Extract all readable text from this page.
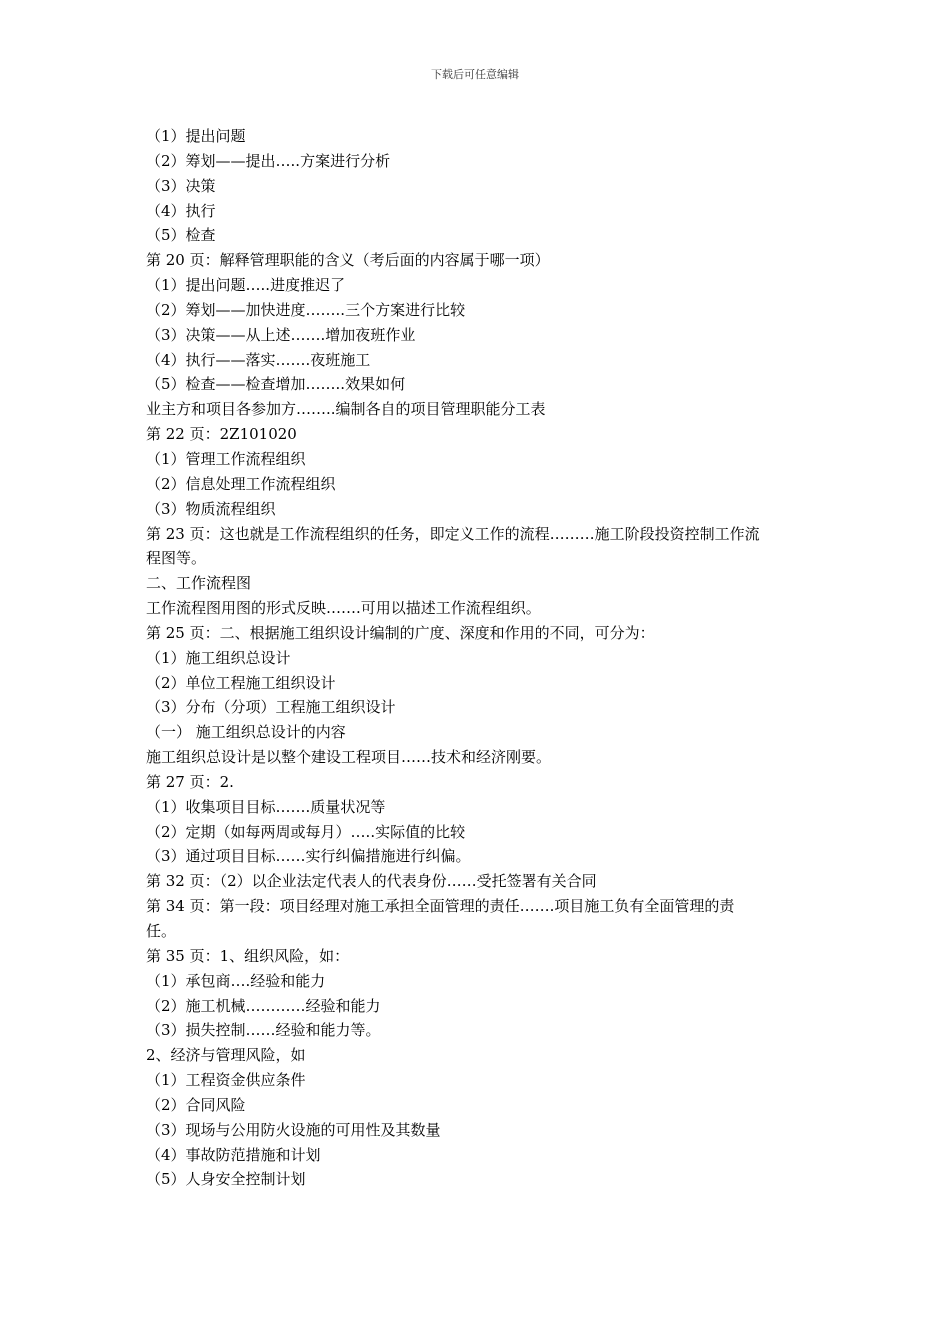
下载后可任意编辑
（1）提出问题
（2）筹划——提出…..方案进行分析
（3）决策
（4）执行
（5）检查
第 20 页：解释管理职能的含义（考后面的内容属于哪一项）
（1）提出问题…..进度推迟了
（2）筹划——加快进度……..三个方案进行比较
（3）决策——从上述…….增加夜班作业
（4）执行——落实…….夜班施工
（5）检查——检查增加……..效果如何
业主方和项目各参加方……..编制各自的项目管理职能分工表
第 22 页：2Z101020
（1）管理工作流程组织
（2）信息处理工作流程组织
（3）物质流程组织
第 23 页：这也就是工作流程组织的任务，即定义工作的流程………施工阶段投资控制工作流
程图等。
二、工作流程图
工作流程图用图的形式反映…….可用以描述工作流程组织。
第 25 页：二、根据施工组织设计编制的广度、深度和作用的不同，可分为：
（1）施工组织总设计
（2）单位工程施工组织设计
（3）分布（分项）工程施工组织设计
（一） 施工组织总设计的内容
施工组织总设计是以整个建设工程项目……技术和经济刚要。
第 27 页：2.
（1）收集项目目标…….质量状况等
（2）定期（如每两周或每月）…..实际值的比较
（3）通过项目目标……实行纠偏措施进行纠偏。
第 32 页：（2）以企业法定代表人的代表身份……受托签署有关合同
第 34 页：第一段：项目经理对施工承担全面管理的责任…….项目施工负有全面管理的责
任。
第 35 页：1、组织风险，如：
（1）承包商….经验和能力
（2）施工机械…………经验和能力
（3）损失控制……经验和能力等。
2、经济与管理风险，如
（1）工程资金供应条件
（2）合同风险
（3）现场与公用防火设施的可用性及其数量
（4）事故防范措施和计划
（5）人身安全控制计划
